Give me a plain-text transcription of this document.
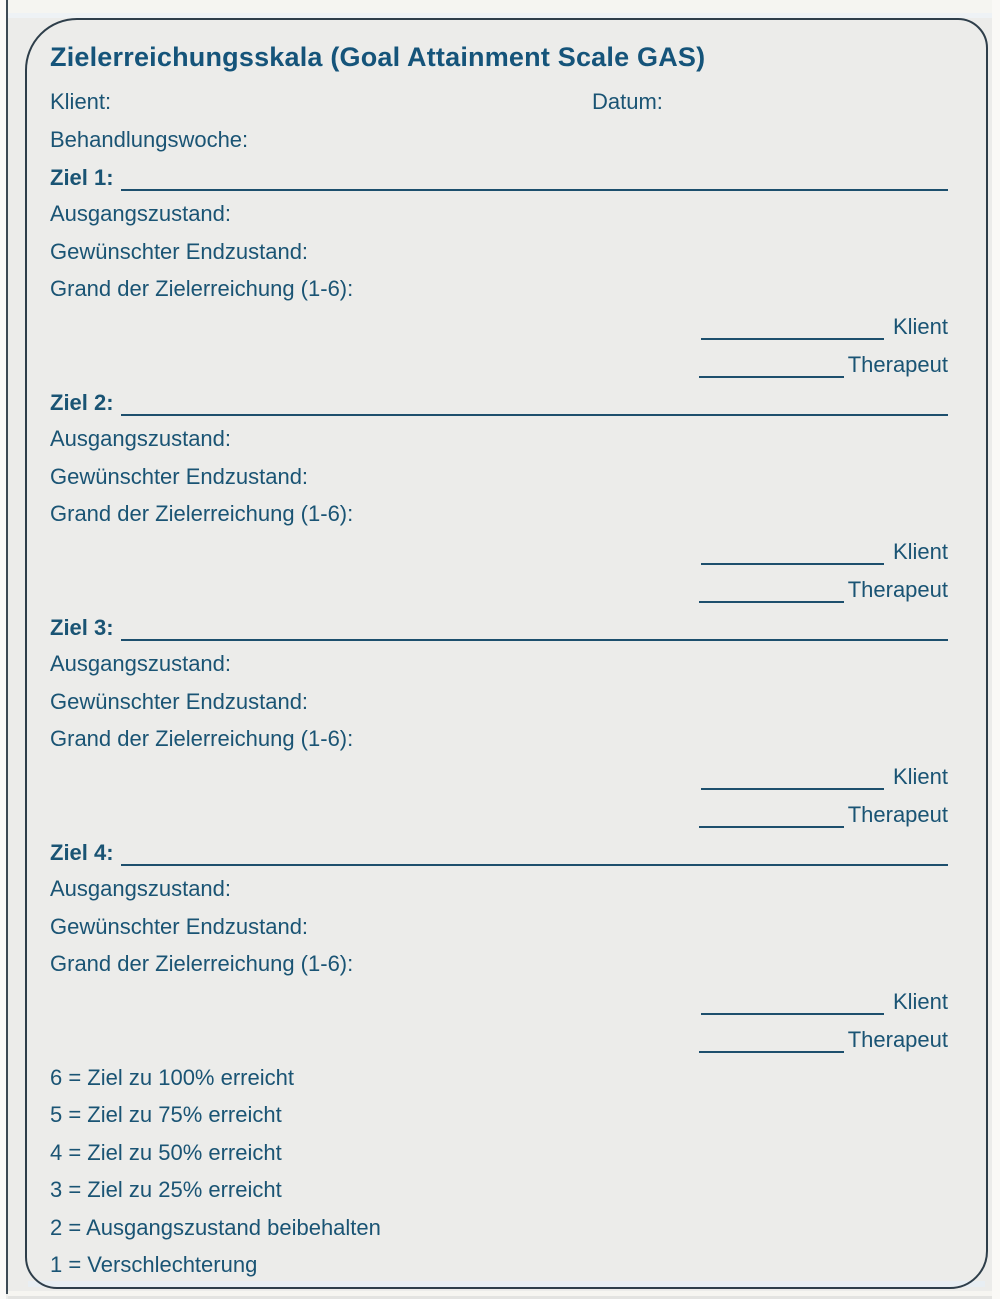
Zielerreichungsskala (Goal Attainment Scale GAS)
Klient:	Datum:
Behandlungswoche:
Ziel 1:
Ausgangszustand:
Gewünschter Endzustand:
Grand der Zielerreichung (1-6):
Klient
Therapeut
Ziel 2:
Ausgangszustand:
Gewünschter Endzustand:
Grand der Zielerreichung (1-6):
Klient
Therapeut
Ziel 3:
Ausgangszustand:
Gewünschter Endzustand:
Grand der Zielerreichung (1-6):
Klient
Therapeut
Ziel 4:
Ausgangszustand:
Gewünschter Endzustand:
Grand der Zielerreichung (1-6):
Klient
Therapeut
6 = Ziel zu 100% erreicht
5 = Ziel zu 75% erreicht
4 = Ziel zu 50% erreicht
3 = Ziel zu 25% erreicht
2 = Ausgangszustand beibehalten
1 = Verschlechterung
